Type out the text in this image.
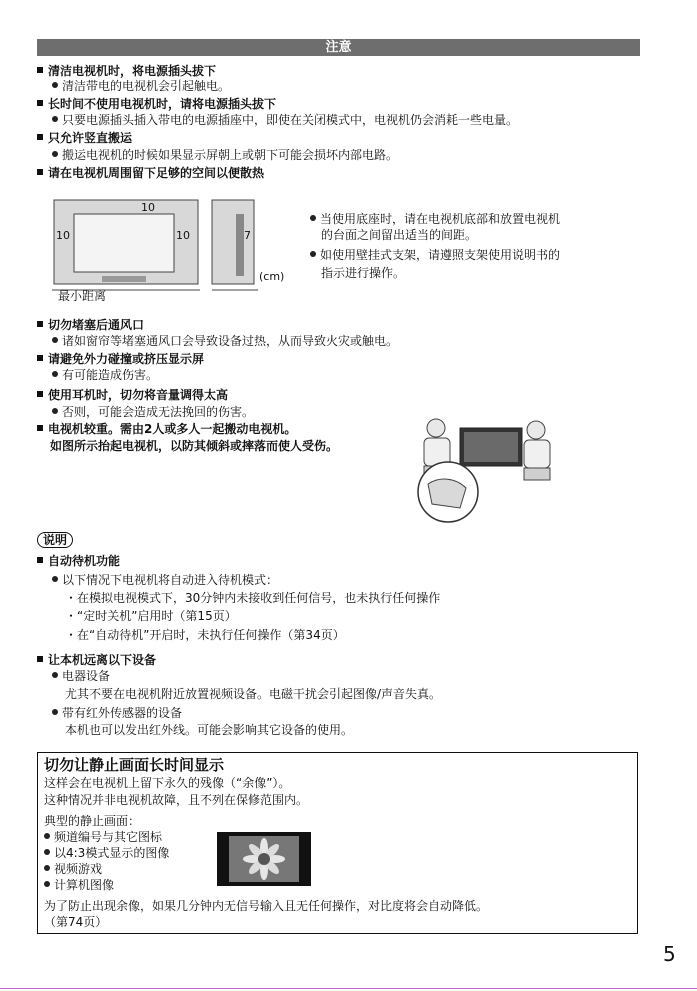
注意
清洁电视机时，将电源插头拔下
清洁带电的电视机会引起触电。
长时间不使用电视机时，请将电源插头拔下
只要电源插头插入带电的电源插座中，即使在关闭模式中，电视机仍会消耗一些电量。
只允许竖直搬运
搬运电视机的时候如果显示屏朝上或朝下可能会损坏内部电路。
请在电视机周围留下足够的空间以便散热
10
10	10	7
(cm)
最小距离
当使用底座时，请在电视机底部和放置电视机
的台面之间留出适当的间距。
如使用壁挂式支架，请遵照支架使用说明书的
指示进行操作。
切勿堵塞后通风口
诸如窗帘等堵塞通风口会导致设备过热，从而导致火灾或触电。
请避免外力碰撞或挤压显示屏
有可能造成伤害。
使用耳机时，切勿将音量调得太高
否则，可能会造成无法挽回的伤害。
电视机较重。需由2人或多人一起搬动电视机。
如图所示抬起电视机，以防其倾斜或摔落而使人受伤。
说明
自动待机功能
以下情况下电视机将自动进入待机模式：
・在模拟电视模式下，30分钟内未接收到任何信号，也未执行任何操作
・“定时关机”启用时（第15页）
・在“自动待机”开启时，未执行任何操作（第34页）
让本机远离以下设备
电器设备
尤其不要在电视机附近放置视频设备。电磁干扰会引起图像/声音失真。
带有红外传感器的设备
本机也可以发出红外线。可能会影响其它设备的使用。
切勿让静止画面长时间显示
这样会在电视机上留下永久的残像（“余像”）。
这种情况并非电视机故障，且不列在保修范围内。
典型的静止画面：
频道编号与其它图标
以4:3模式显示的图像
视频游戏
计算机图像
为了防止出现余像，如果几分钟内无信号输入且无任何操作，对比度将会自动降低。
（第74页）
5
